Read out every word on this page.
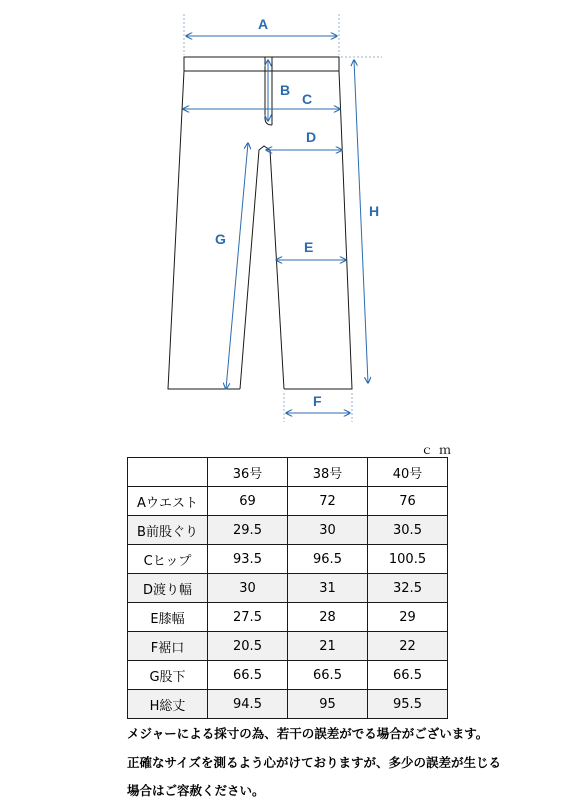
A
B
C
D
E
F
G
H
ｃｍ
	36号	38号	40号
Aウエスト	69	72	76
B前股ぐり	29.5	30	30.5
Cヒップ	93.5	96.5	100.5
D渡り幅	30	31	32.5
E膝幅	27.5	28	29
F裾口	20.5	21	22
G股下	66.5	66.5	66.5
H総丈	94.5	95	95.5
メジャーによる採寸の為、若干の誤差がでる場合がございます。
正確なサイズを測るよう心がけておりますが、多少の誤差が生じる
場合はご容赦ください。
